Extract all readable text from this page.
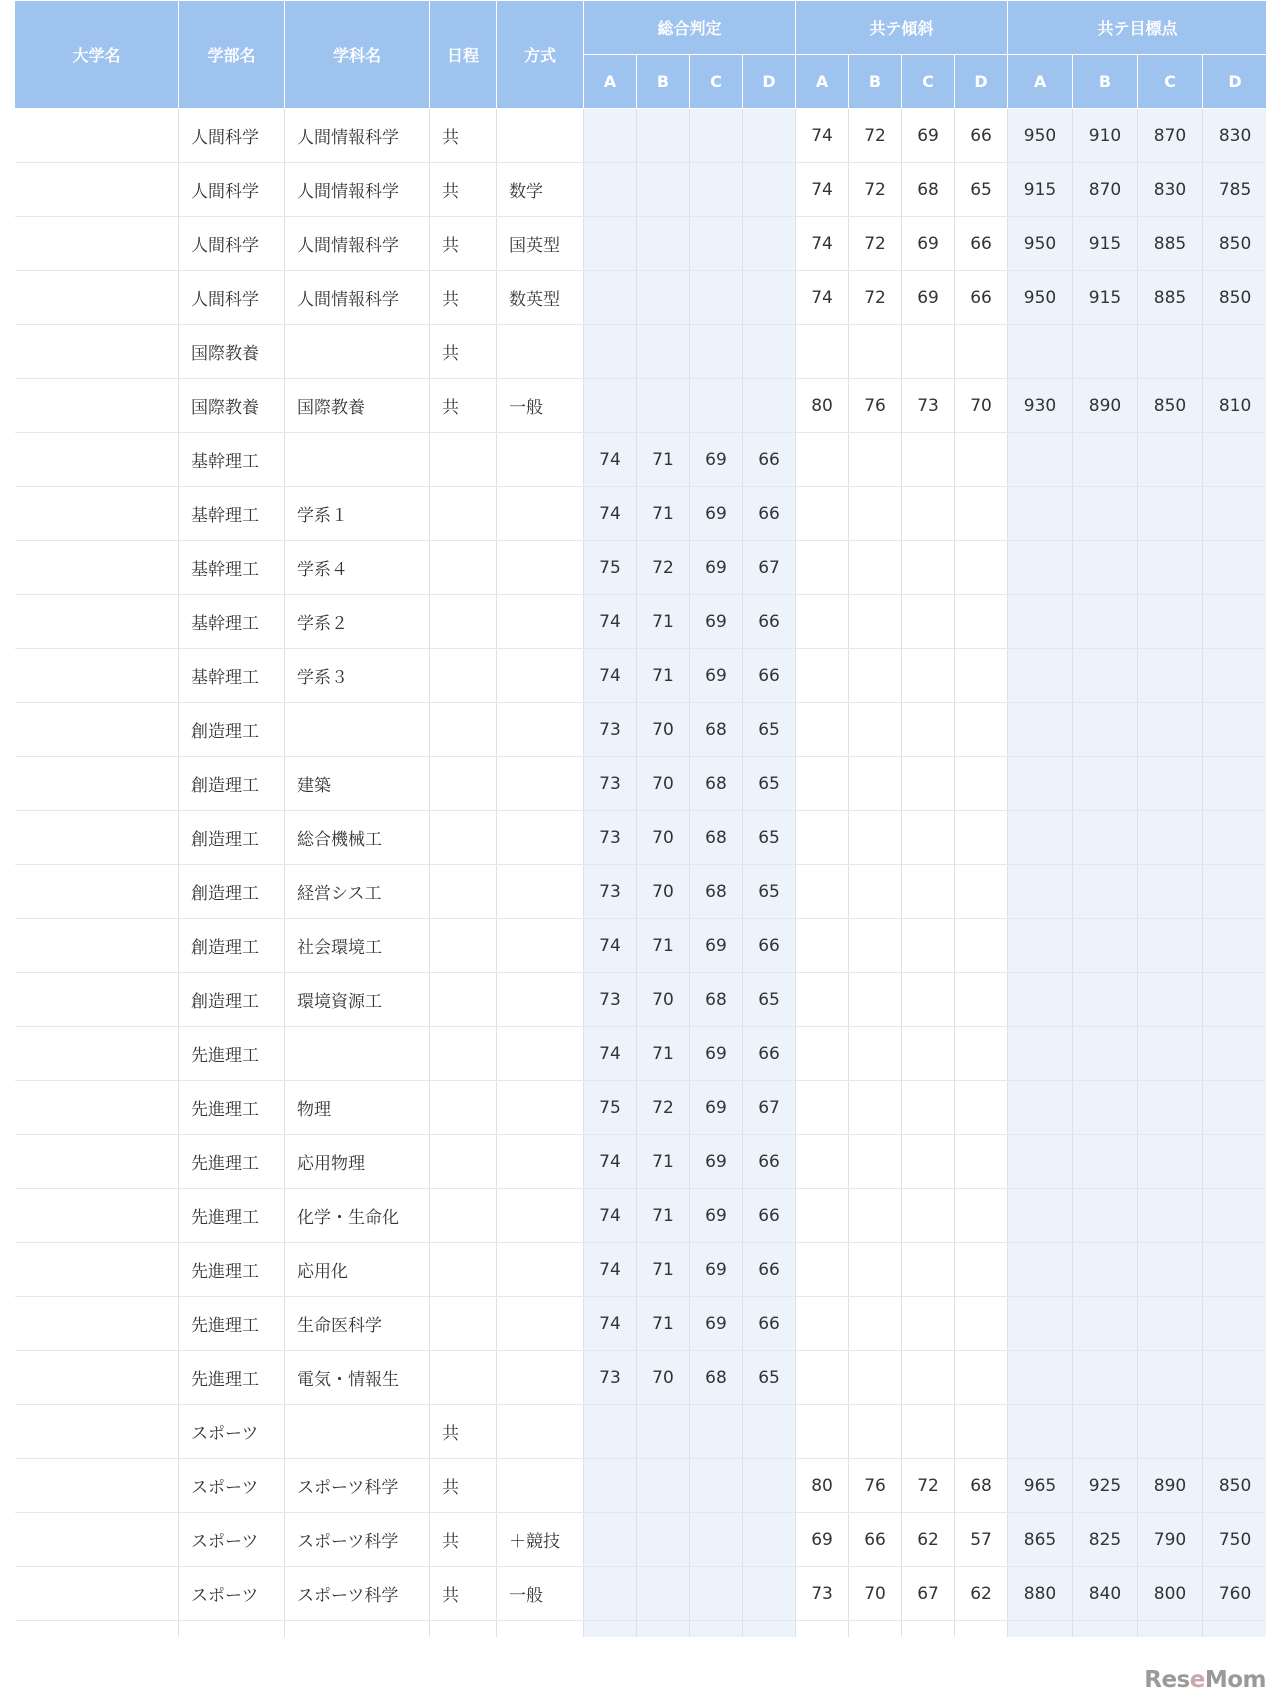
大学名	学部名	学科名	日程	方式	総合判定				共テ傾斜				共テ目標点			
					A	B	C	D	A	B	C	D	A	B	C	D
	人間科学	人間情報科学	共						74	72	69	66	950	910	870	830
	人間科学	人間情報科学	共	数学					74	72	68	65	915	870	830	785
	人間科学	人間情報科学	共	国英型					74	72	69	66	950	915	885	850
	人間科学	人間情報科学	共	数英型					74	72	69	66	950	915	885	850
	国際教養		共													
	国際教養	国際教養	共	一般					80	76	73	70	930	890	850	810
	基幹理工				74	71	69	66								
	基幹理工	学系１			74	71	69	66								
	基幹理工	学系４			75	72	69	67								
	基幹理工	学系２			74	71	69	66								
	基幹理工	学系３			74	71	69	66								
	創造理工				73	70	68	65								
	創造理工	建築			73	70	68	65								
	創造理工	総合機械工			73	70	68	65								
	創造理工	経営シス工			73	70	68	65								
	創造理工	社会環境工			74	71	69	66								
	創造理工	環境資源工			73	70	68	65								
	先進理工				74	71	69	66								
	先進理工	物理			75	72	69	67								
	先進理工	応用物理			74	71	69	66								
	先進理工	化学・生命化			74	71	69	66								
	先進理工	応用化			74	71	69	66								
	先進理工	生命医科学			74	71	69	66								
	先進理工	電気・情報生			73	70	68	65								
	スポーツ		共													
	スポーツ	スポーツ科学	共						80	76	72	68	965	925	890	850
	スポーツ	スポーツ科学	共	＋競技					69	66	62	57	865	825	790	750
	スポーツ	スポーツ科学	共	一般					73	70	67	62	880	840	800	760

ReseMom
